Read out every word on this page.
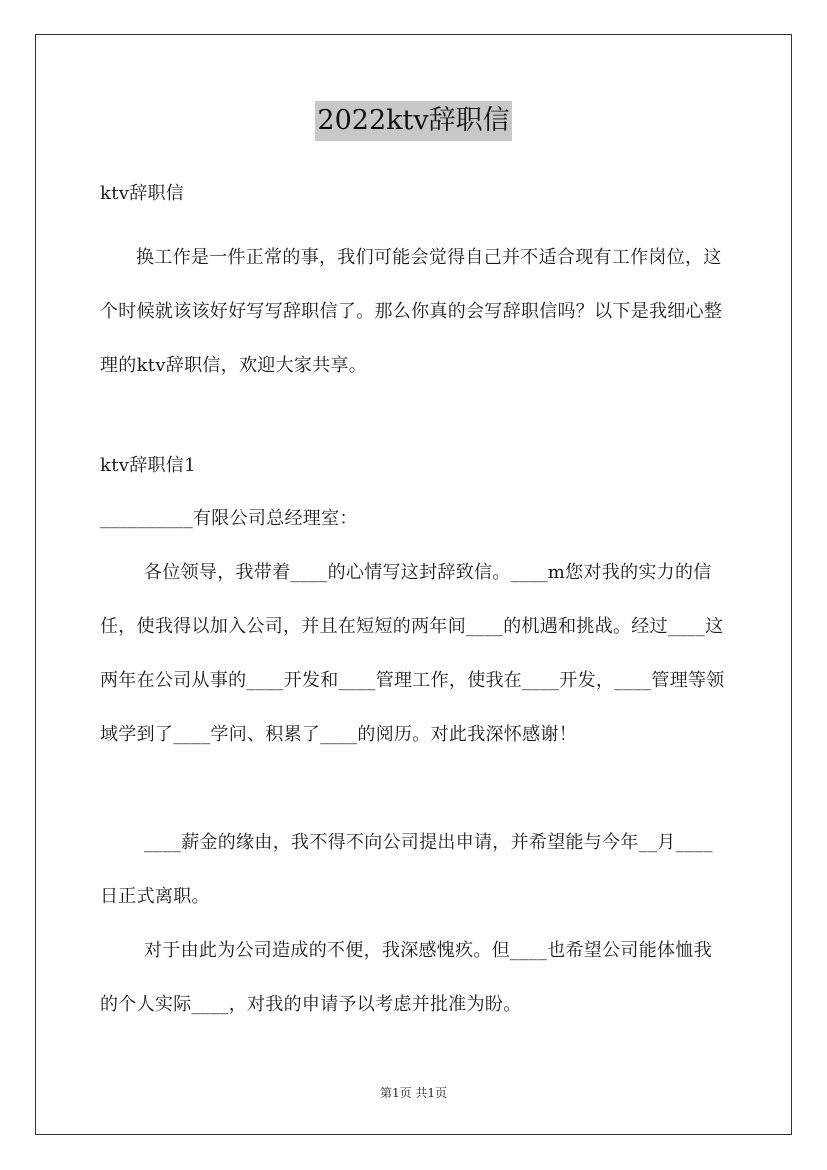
2022ktv辞职信

ktv辞职信

换工作是一件正常的事，我们可能会觉得自己并不适合现有工作岗位，这个时候就该该好好写写辞职信了。那么你真的会写辞职信吗？以下是我细心整理的ktv辞职信，欢迎大家共享。

ktv辞职信1

__________有限公司总经理室：

各位领导，我带着____的心情写这封辞致信。____m您对我的实力的信任，使我得以加入公司，并且在短短的两年间____的机遇和挑战。经过____这两年在公司从事的____开发和____管理工作，使我在____开发，____管理等领域学到了____学问、积累了____的阅历。对此我深怀感谢！

____薪金的缘由，我不得不向公司提出申请，并希望能与今年__月____日正式离职。

对于由此为公司造成的不便，我深感愧疚。但____也希望公司能体恤我的个人实际____，对我的申请予以考虑并批准为盼。

第1页 共1页
